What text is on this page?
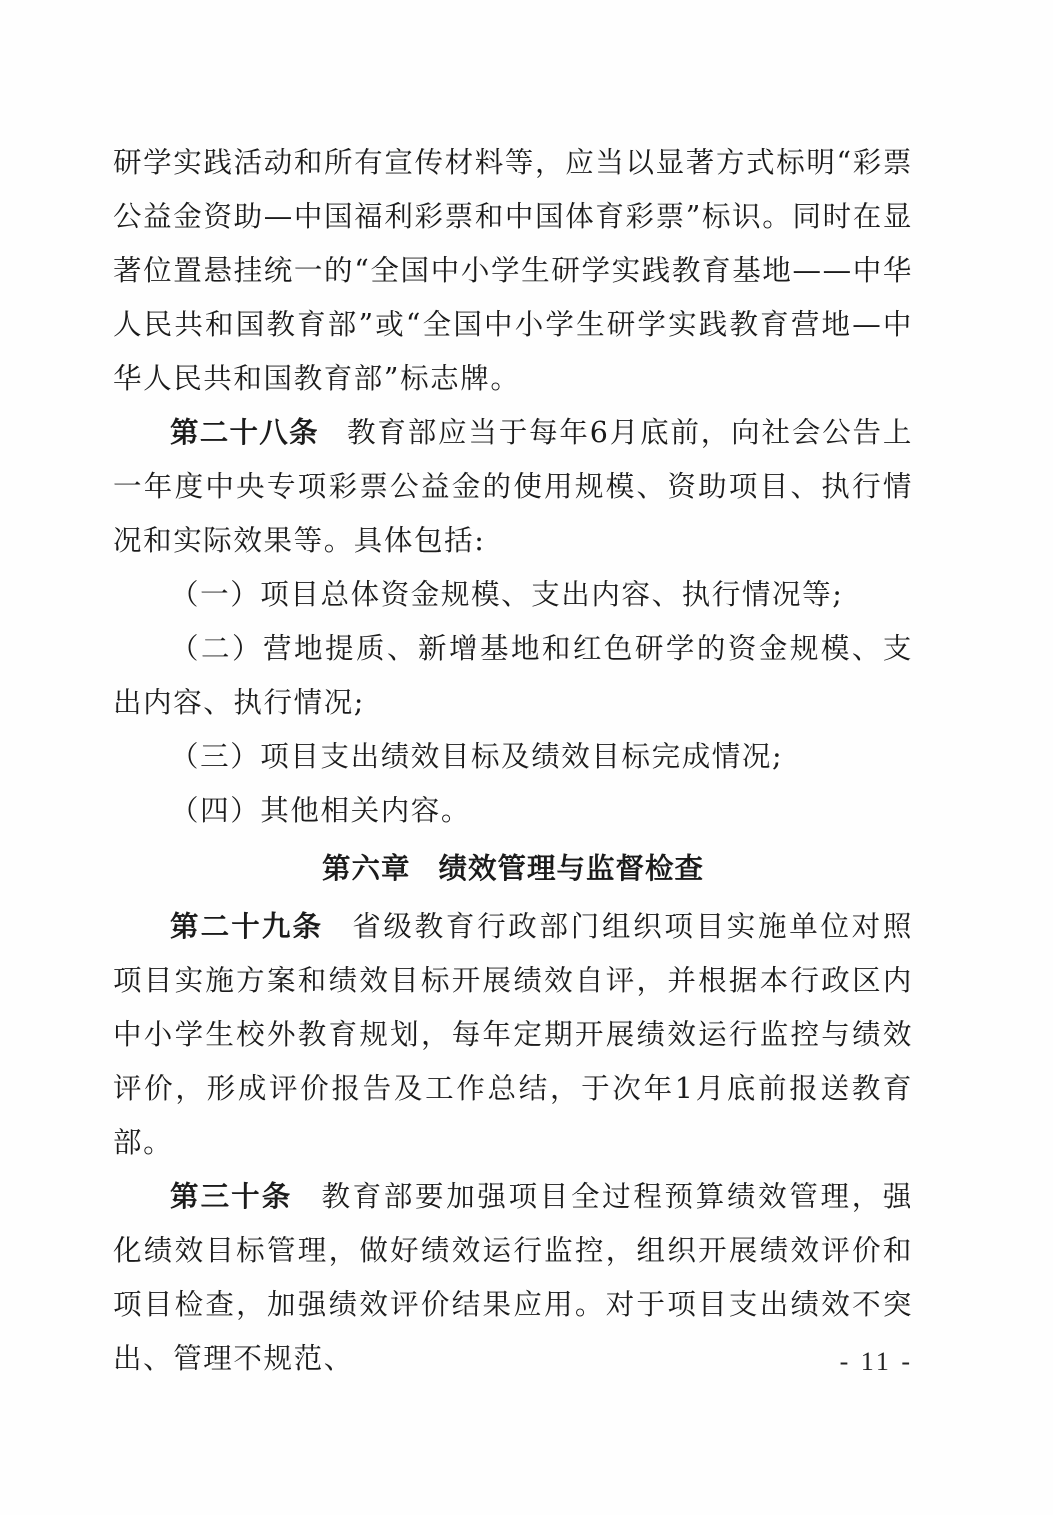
研学实践活动和所有宣传材料等，应当以显著方式标明“彩票公益金资助—中国福利彩票和中国体育彩票”标识。同时在显著位置悬挂统一的“全国中小学生研学实践教育基地——中华人民共和国教育部”或“全国中小学生研学实践教育营地—中华人民共和国教育部”标志牌。

第二十八条 教育部应当于每年6月底前，向社会公告上一年度中央专项彩票公益金的使用规模、资助项目、执行情况和实际效果等。具体包括:

（一）项目总体资金规模、支出内容、执行情况等;

（二）营地提质、新增基地和红色研学的资金规模、支出内容、执行情况;

（三）项目支出绩效目标及绩效目标完成情况;

（四）其他相关内容。

第六章 绩效管理与监督检查

第二十九条 省级教育行政部门组织项目实施单位对照项目实施方案和绩效目标开展绩效自评，并根据本行政区内中小学生校外教育规划，每年定期开展绩效运行监控与绩效评价，形成评价报告及工作总结，于次年1月底前报送教育部。

第三十条 教育部要加强项目全过程预算绩效管理，强化绩效目标管理，做好绩效运行监控，组织开展绩效评价和项目检查，加强绩效评价结果应用。对于项目支出绩效不突出、管理不规范、	- 11 -
